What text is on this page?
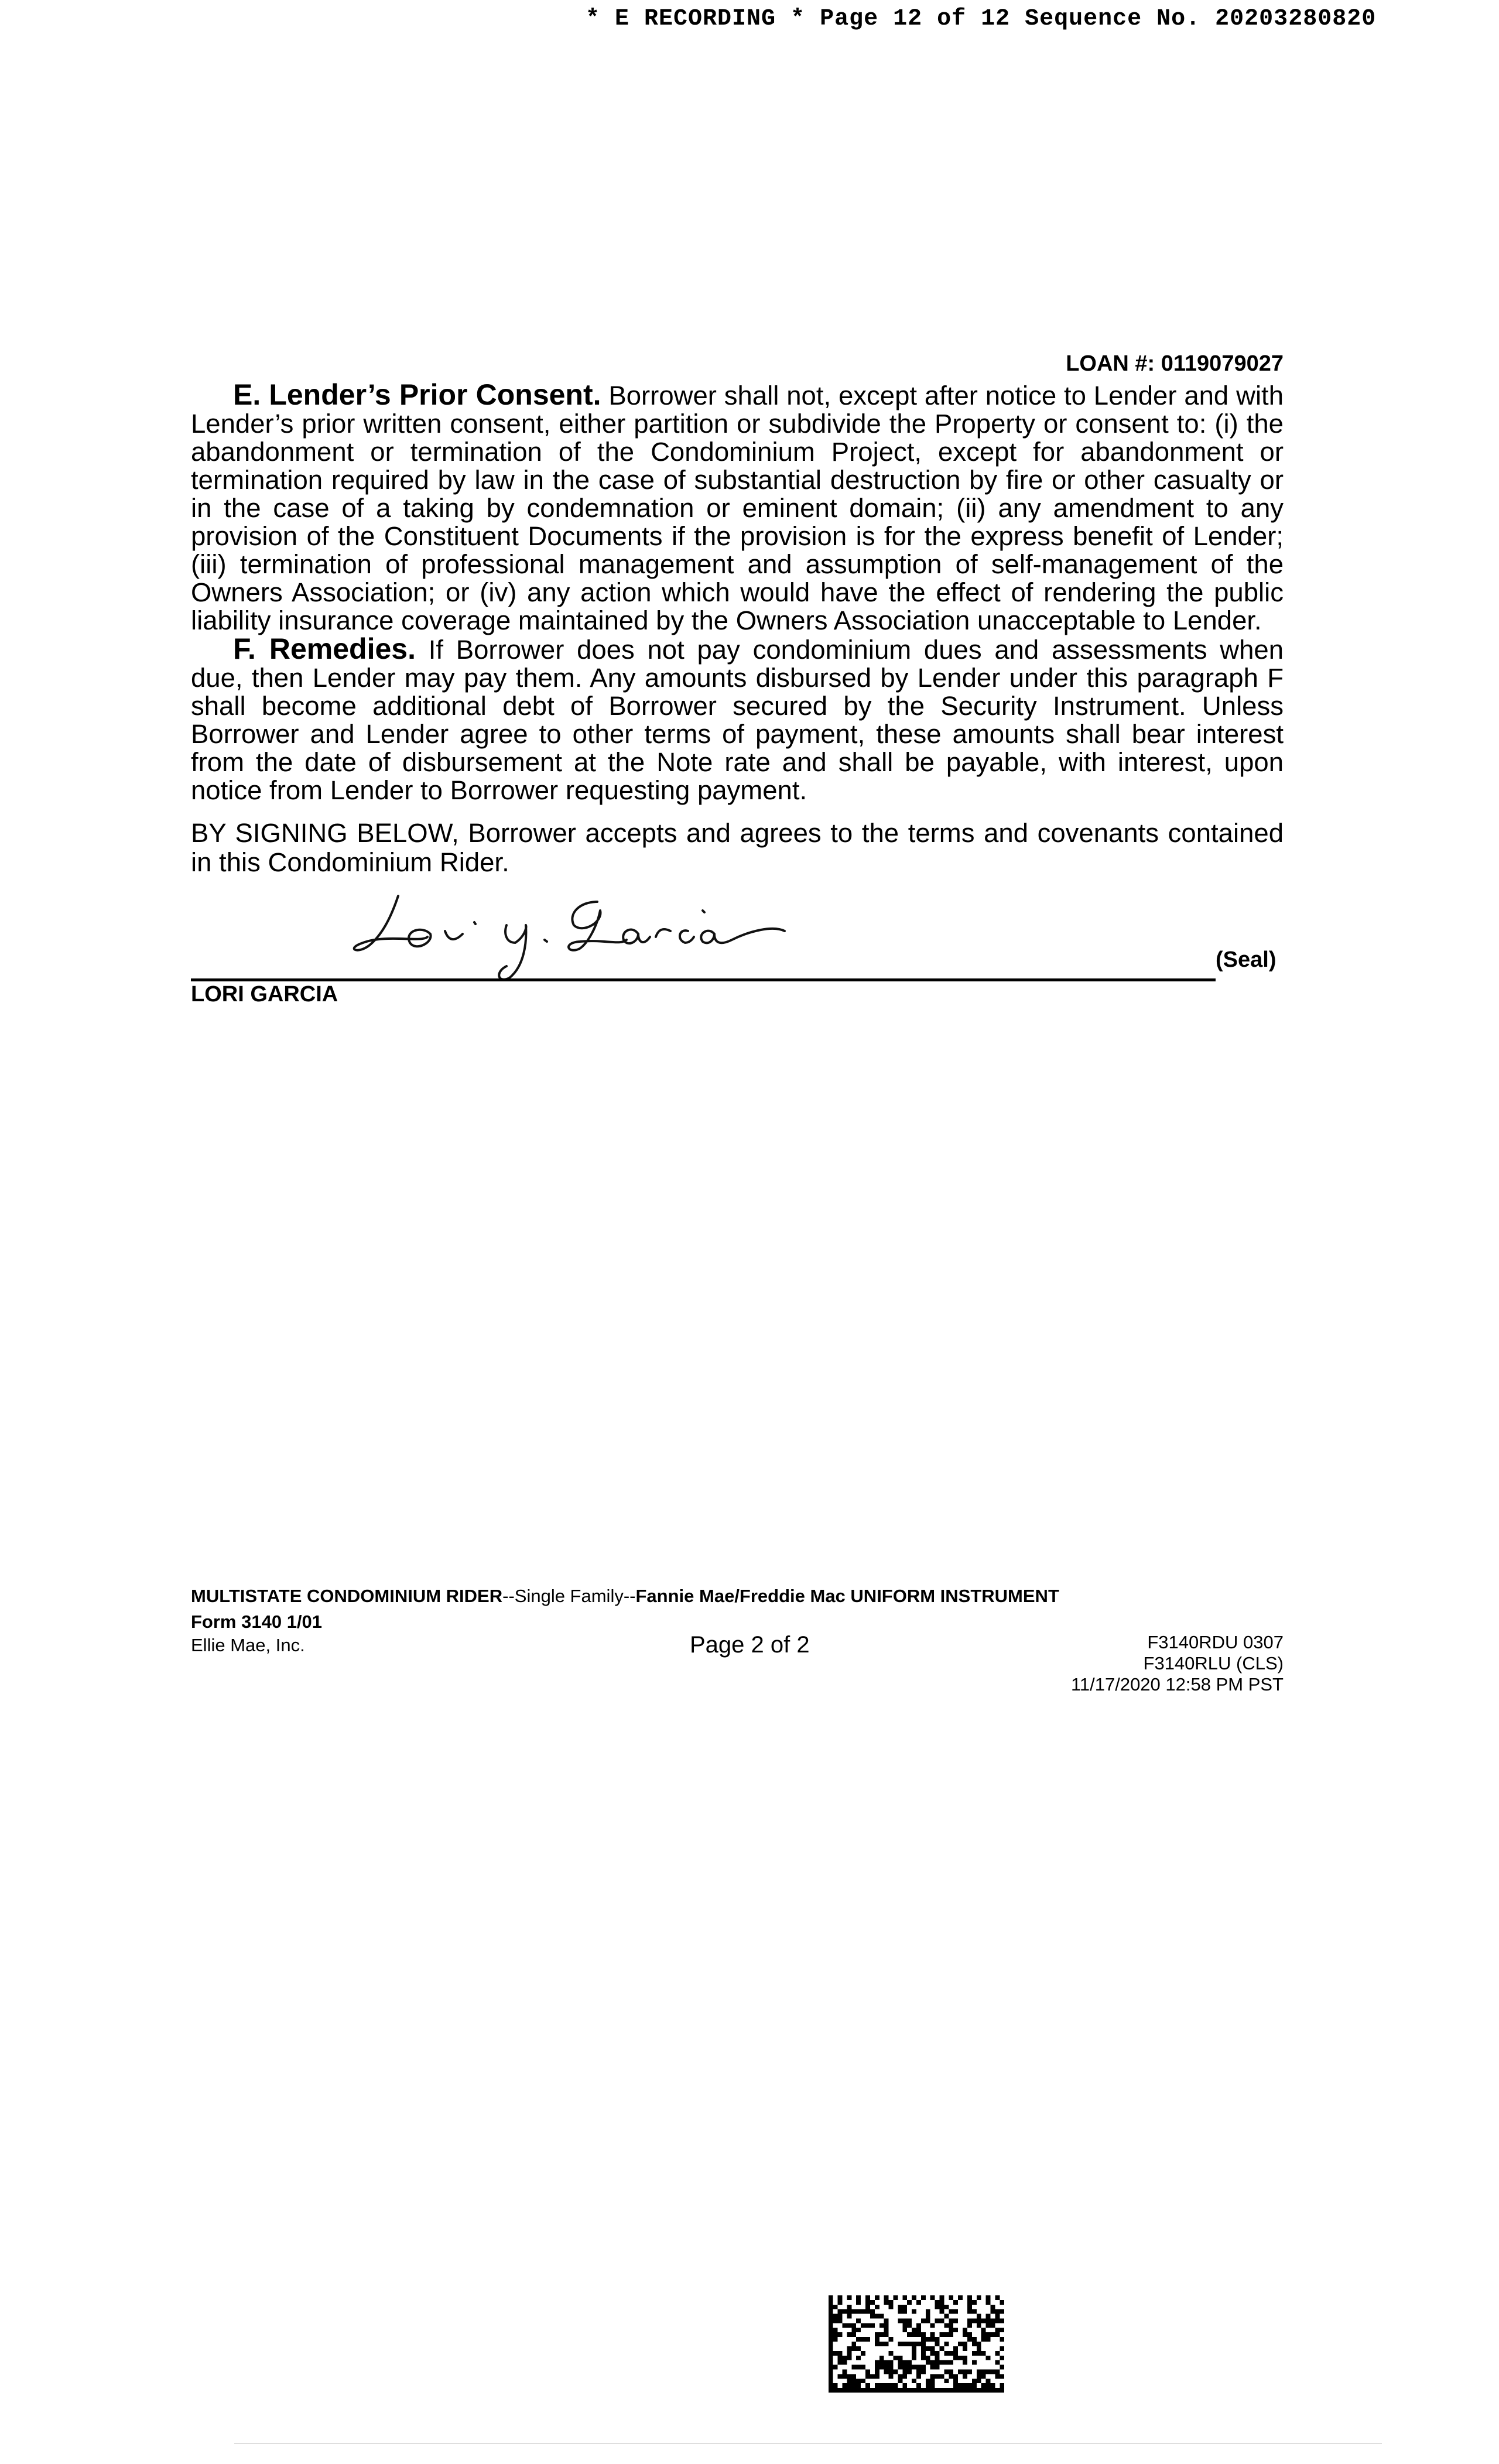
* E RECORDING * Page 12 of 12 Sequence No. 20203280820
LOAN #: 0119079027

E. Lender’s Prior Consent. Borrower shall not, except after notice to Lender and with Lender’s prior written consent, either partition or subdivide the Property or consent to: (i) the abandonment or termination of the Condominium Project, except for abandonment or termination required by law in the case of substantial destruction by fire or other casualty or in the case of a taking by condemnation or eminent domain; (ii) any amendment to any provision of the Constituent Documents if the provision is for the express benefit of Lender; (iii) termination of professional management and assumption of self-management of the Owners Association; or (iv) any action which would have the effect of rendering the public liability insurance coverage maintained by the Owners Association unacceptable to Lender.

F. Remedies. If Borrower does not pay condominium dues and assessments when due, then Lender may pay them. Any amounts disbursed by Lender under this paragraph F shall become additional debt of Borrower secured by the Security Instrument. Unless Borrower and Lender agree to other terms of payment, these amounts shall bear interest from the date of disbursement at the Note rate and shall be payable, with interest, upon notice from Lender to Borrower requesting payment.

BY SIGNING BELOW, Borrower accepts and agrees to the terms and covenants contained in this Condominium Rider.
LORI GARCIA
(Seal)
MULTISTATE CONDOMINIUM RIDER--Single Family--Fannie Mae/Freddie Mac UNIFORM INSTRUMENT
Form 3140 1/01
Ellie Mae, Inc.	Page 2 of 2	F3140RDU 0307
F3140RLU (CLS)
11/17/2020 12:58 PM PST
